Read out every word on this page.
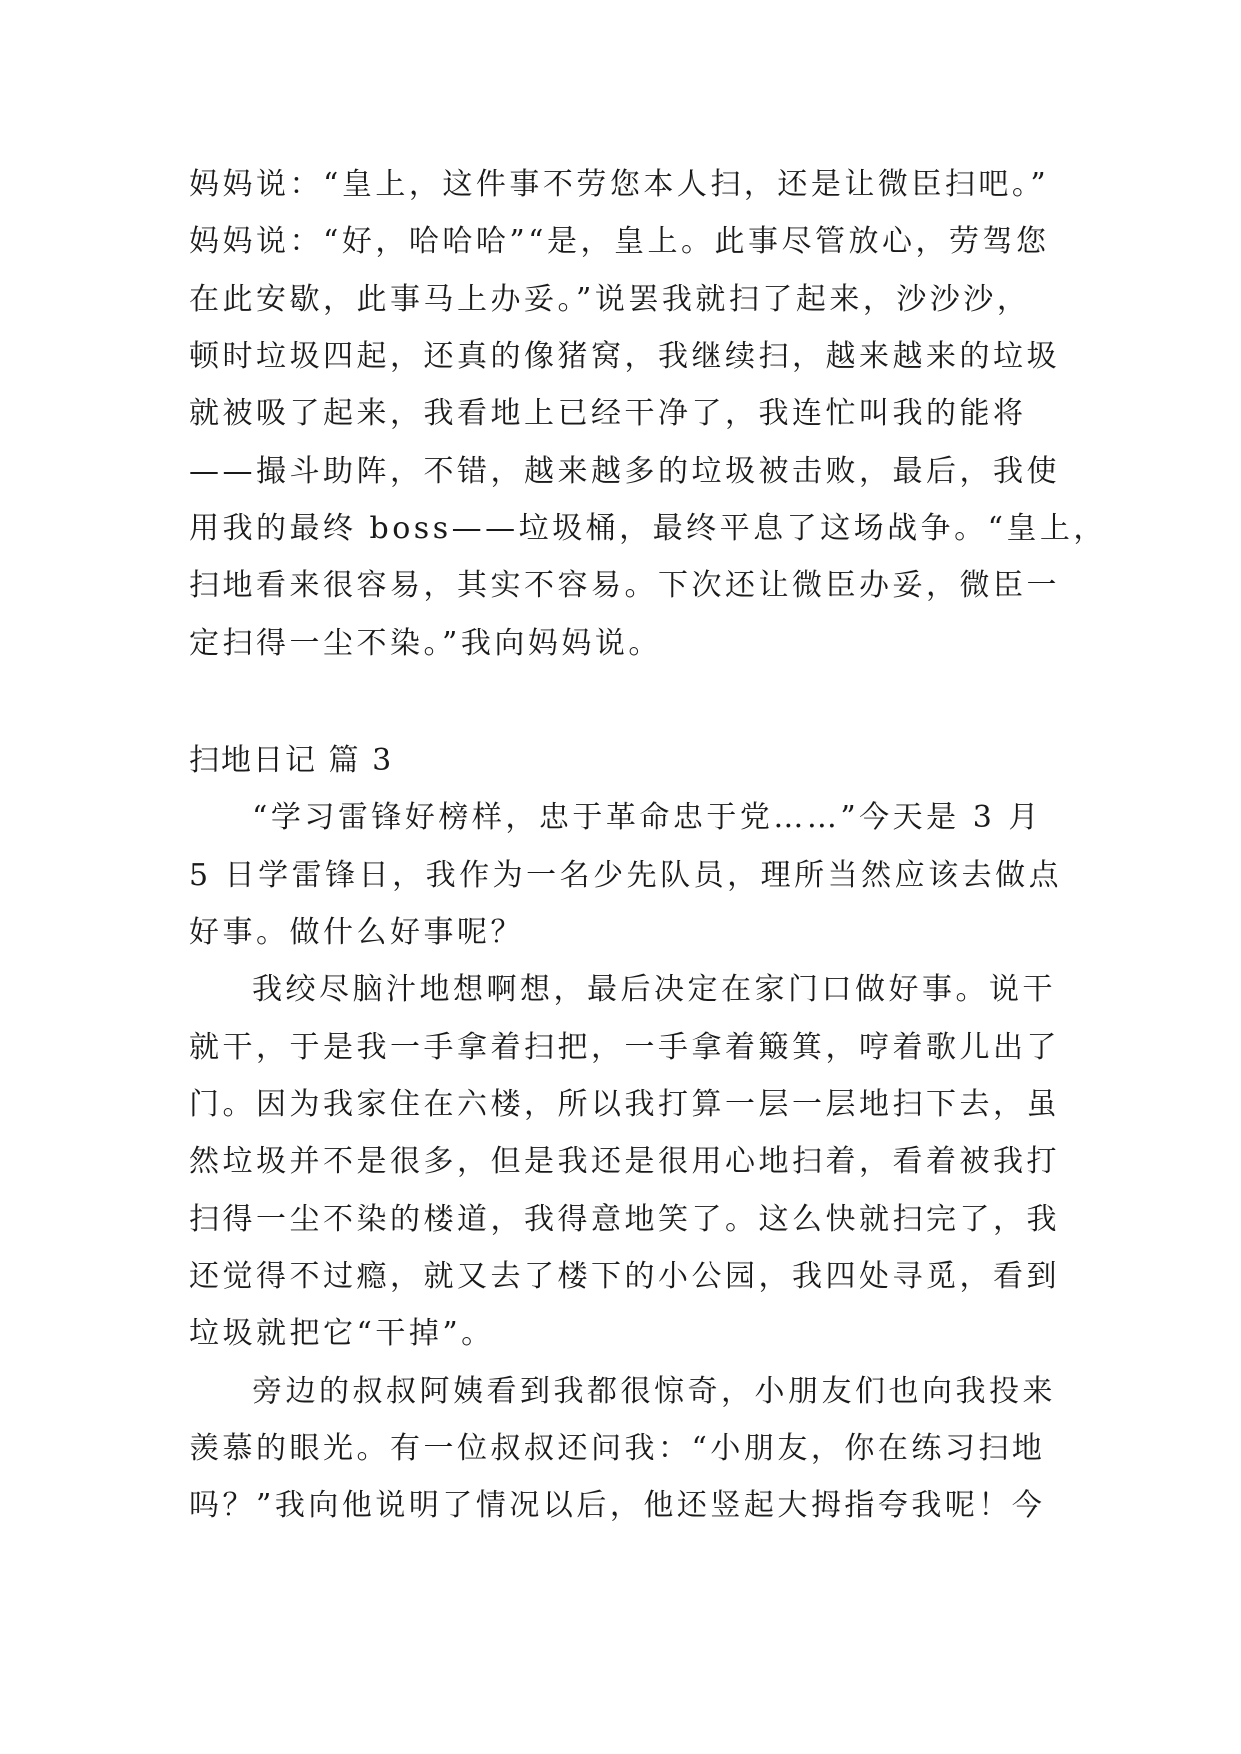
妈妈说：“皇上，这件事不劳您本人扫，还是让微臣扫吧。”
妈妈说：“好，哈哈哈”“是，皇上。此事尽管放心，劳驾您
在此安歇，此事马上办妥。”说罢我就扫了起来，沙沙沙，
顿时垃圾四起，还真的像猪窝，我继续扫，越来越来的垃圾
就被吸了起来，我看地上已经干净了，我连忙叫我的能将
——撮斗助阵，不错，越来越多的垃圾被击败，最后，我使
用我的最终 boss——垃圾桶，最终平息了这场战争。“皇上，
扫地看来很容易，其实不容易。下次还让微臣办妥，微臣一
定扫得一尘不染。”我向妈妈说。
扫地日记 篇 3
“学习雷锋好榜样，忠于革命忠于党……”今天是 3 月
5 日学雷锋日，我作为一名少先队员，理所当然应该去做点
好事。做什么好事呢？
我绞尽脑汁地想啊想，最后决定在家门口做好事。说干
就干，于是我一手拿着扫把，一手拿着簸箕，哼着歌儿出了
门。因为我家住在六楼，所以我打算一层一层地扫下去，虽
然垃圾并不是很多，但是我还是很用心地扫着，看着被我打
扫得一尘不染的楼道，我得意地笑了。这么快就扫完了，我
还觉得不过瘾，就又去了楼下的小公园，我四处寻觅，看到
垃圾就把它“干掉”。
旁边的叔叔阿姨看到我都很惊奇，小朋友们也向我投来
羡慕的眼光。有一位叔叔还问我：“小朋友，你在练习扫地
吗？”我向他说明了情况以后，他还竖起大拇指夸我呢！今
